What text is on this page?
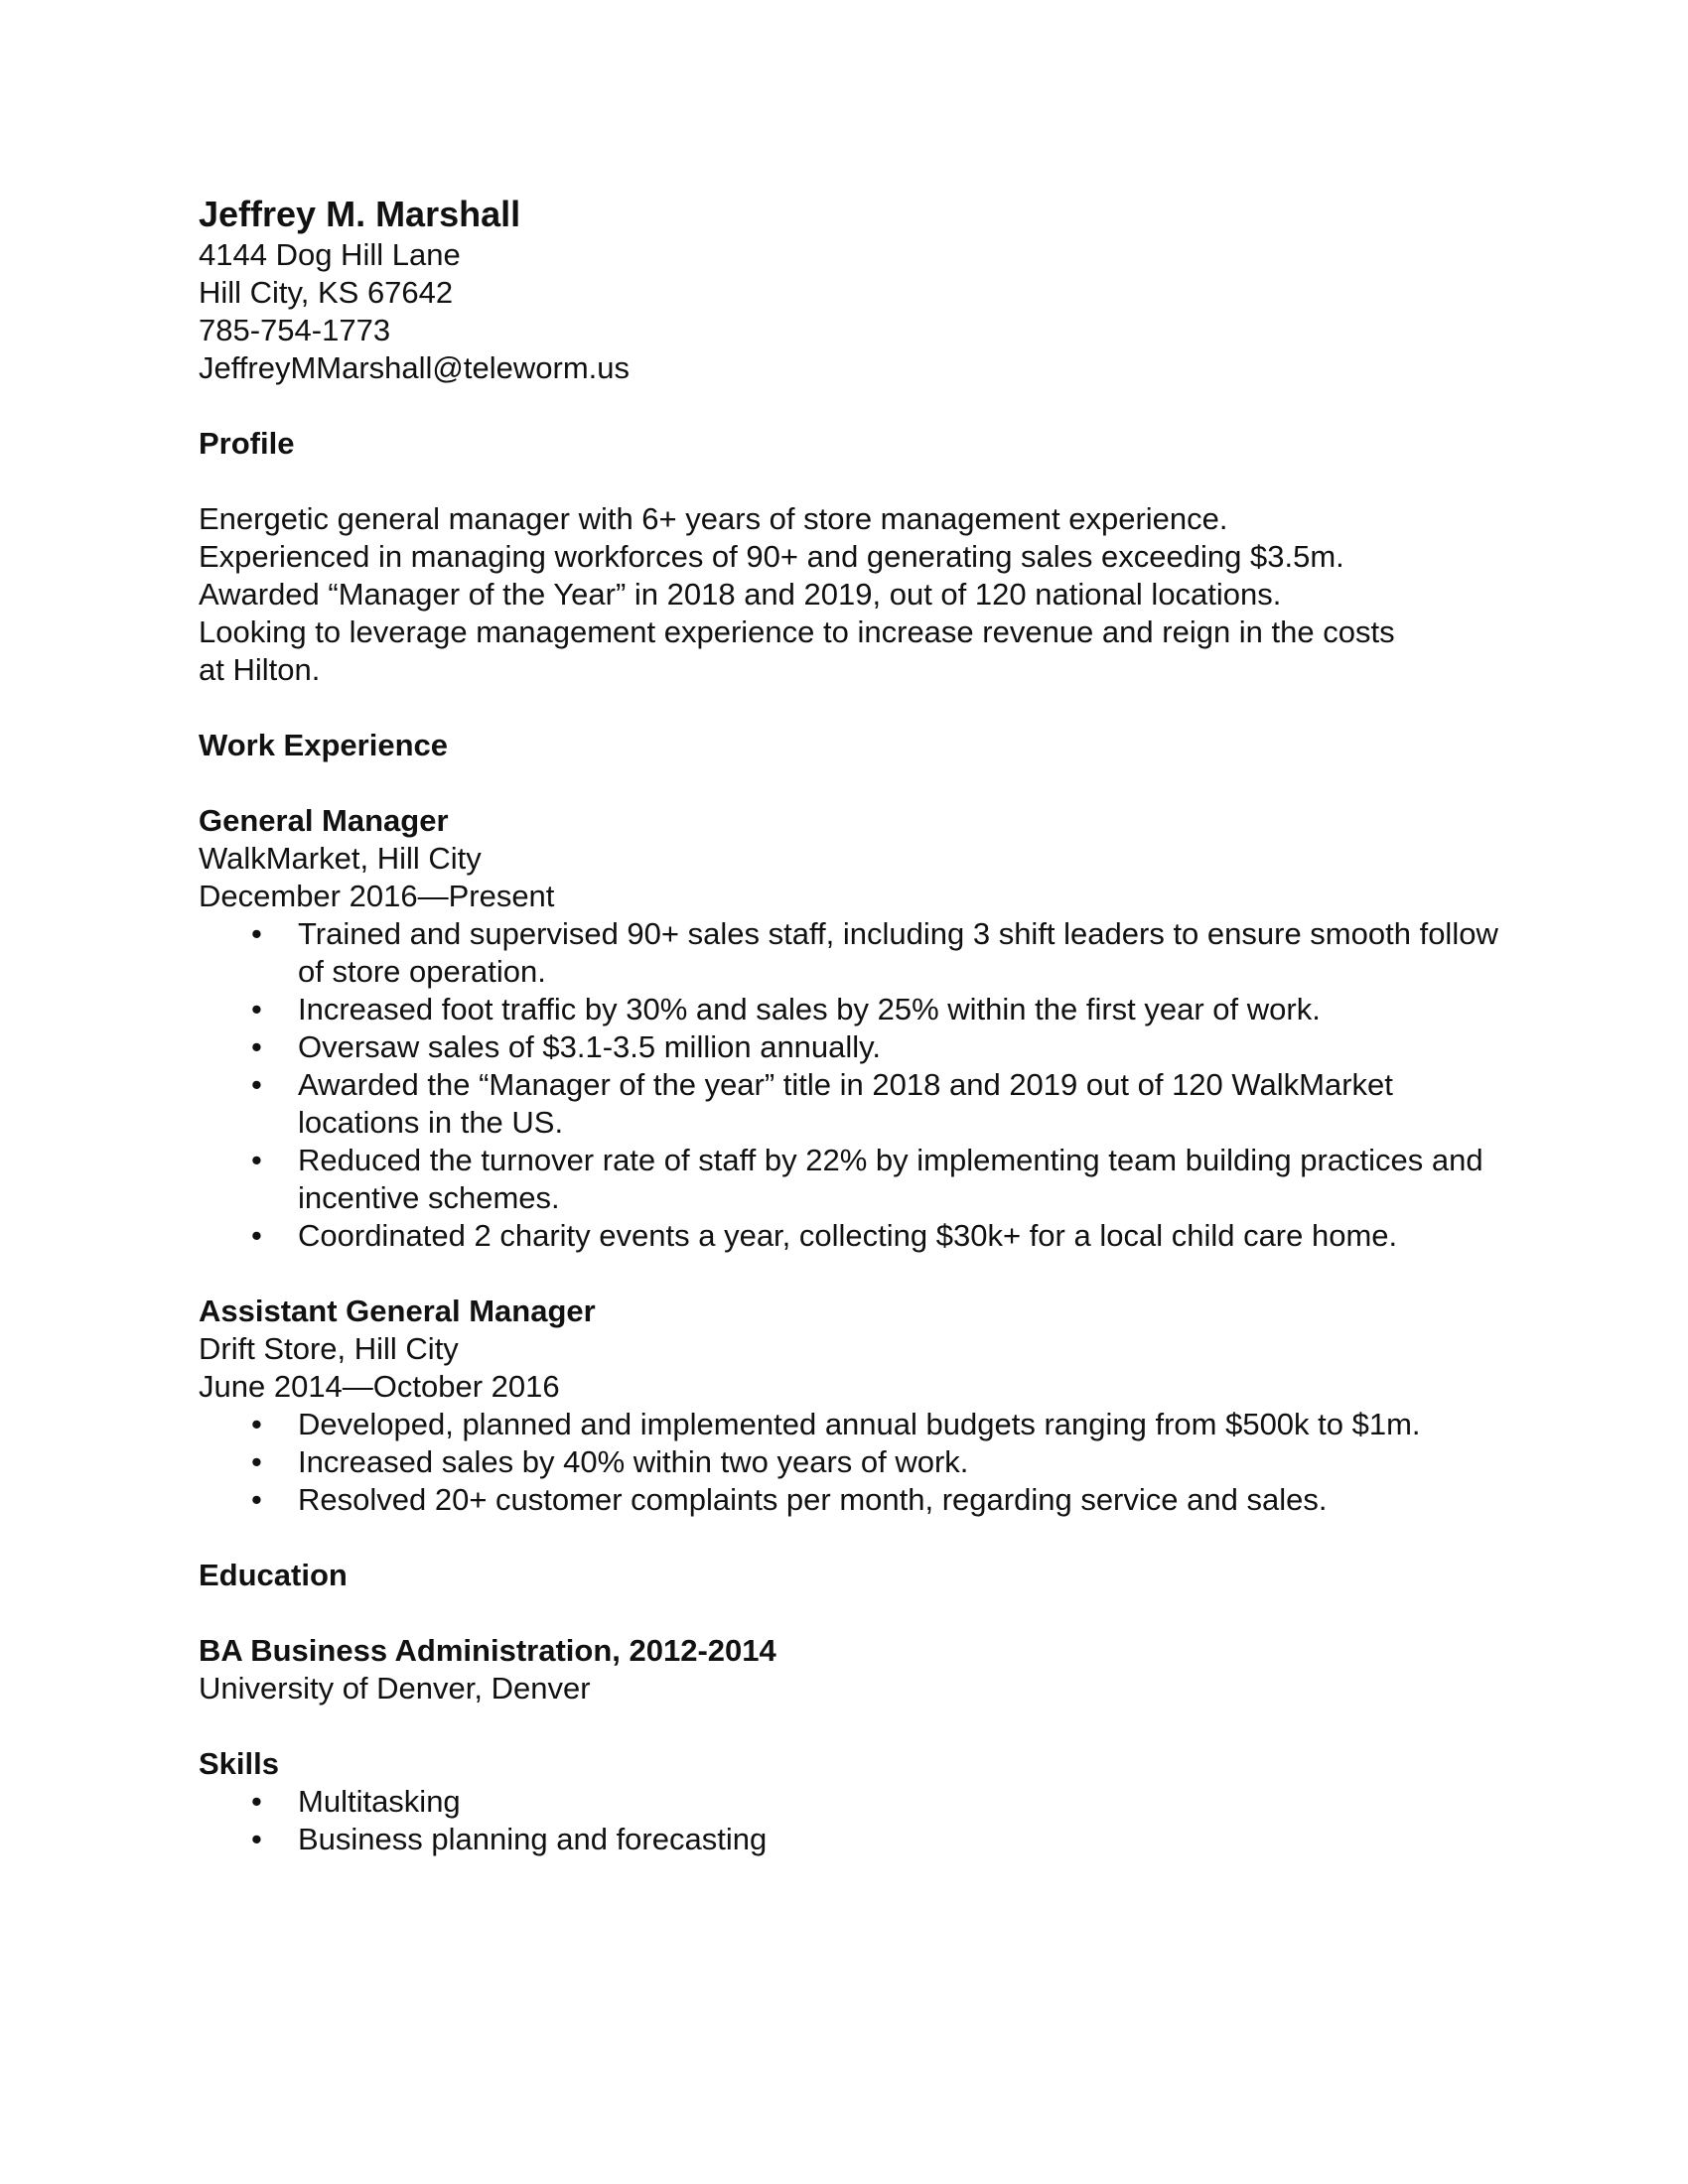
Jeffrey M. Marshall
4144 Dog Hill Lane
Hill City, KS 67642
785-754-1773
JeffreyMMarshall@teleworm.us
Profile
Energetic general manager with 6+ years of store management experience.
Experienced in managing workforces of 90+ and generating sales exceeding $3.5m.
Awarded “Manager of the Year” in 2018 and 2019, out of 120 national locations.
Looking to leverage management experience to increase revenue and reign in the costs
at Hilton.
Work Experience
General Manager
WalkMarket, Hill City
December 2016—Present
• Trained and supervised 90+ sales staff, including 3 shift leaders to ensure smooth follow of store operation.
• Increased foot traffic by 30% and sales by 25% within the first year of work.
• Oversaw sales of $3.1-3.5 million annually.
• Awarded the “Manager of the year” title in 2018 and 2019 out of 120 WalkMarket locations in the US.
• Reduced the turnover rate of staff by 22% by implementing team building practices and incentive schemes.
• Coordinated 2 charity events a year, collecting $30k+ for a local child care home.
Assistant General Manager
Drift Store, Hill City
June 2014—October 2016
• Developed, planned and implemented annual budgets ranging from $500k to $1m.
• Increased sales by 40% within two years of work.
• Resolved 20+ customer complaints per month, regarding service and sales.
Education
BA Business Administration, 2012-2014
University of Denver, Denver
Skills
• Multitasking
• Business planning and forecasting
